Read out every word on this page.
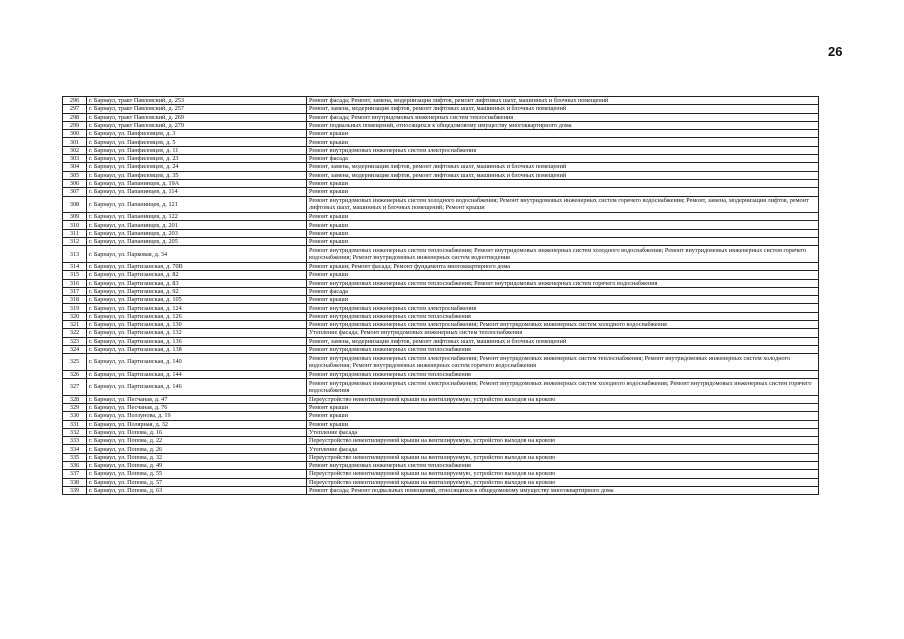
26
296	г. Барнаул, тракт Павловский, д. 253	Ремонт фасада; Ремонт, замена, модернизация лифтов, ремонт лифтовых шахт, машинных и блочных помещений
297	г. Барнаул, тракт Павловский, д. 257	Ремонт, замена, модернизация лифтов, ремонт лифтовых шахт, машинных и блочных помещений
298	г. Барнаул, тракт Павловский, д. 269	Ремонт фасада; Ремонт внутридомовых инженерных систем теплоснабжения
299	г. Барнаул, тракт Павловский, д. 279	Ремонт подвальных помещений, относящихся к общедомовому имуществу многоквартирного дома
300	г. Барнаул, ул. Панфиловцев, д. 3	Ремонт крыши
301	г. Барнаул, ул. Панфиловцев, д. 5	Ремонт крыши
302	г. Барнаул, ул. Панфиловцев, д. 11	Ремонт внутридомовых инженерных систем электроснабжения
303	г. Барнаул, ул. Панфиловцев, д. 23	Ремонт фасада
304	г. Барнаул, ул. Панфиловцев, д. 24	Ремонт, замена, модернизация лифтов, ремонт лифтовых шахт, машинных и блочных помещений
305	г. Барнаул, ул. Панфиловцев, д. 35	Ремонт, замена, модернизация лифтов, ремонт лифтовых шахт, машинных и блочных помещений
306	г. Барнаул, ул. Папанинцев, д. 19А	Ремонт крыши
307	г. Барнаул, ул. Папанинцев, д. 114	Ремонт крыши
308	г. Барнаул, ул. Папанинцев, д. 121	Ремонт внутридомовых инженерных систем холодного водоснабжения; Ремонт внутридомовых инженерных систем горячего водоснабжения; Ремонт, замена, модернизация лифтов, ремонт лифтовых шахт, машинных и блочных помещений; Ремонт крыши
309	г. Барнаул, ул. Папанинцев, д. 122	Ремонт крыши
310	г. Барнаул, ул. Папанинцев, д. 201	Ремонт крыши
311	г. Барнаул, ул. Папанинцев, д. 203	Ремонт крыши
312	г. Барнаул, ул. Папанинцев, д. 205	Ремонт крыши
313	г. Барнаул, ул. Парковая, д. 34	Ремонт внутридомовых инженерных систем теплоснабжения; Ремонт внутридомовых инженерных систем холодного водоснабжения; Ремонт внутридомовых инженерных систем горячего водоснабжения; Ремонт внутридомовых инженерных систем водоотведения
314	г. Барнаул, ул. Партизанская, д. 70В	Ремонт крыши; Ремонт фасада; Ремонт фундамента многоквартирного дома
315	г. Барнаул, ул. Партизанская, д. 82	Ремонт крыши
316	г. Барнаул, ул. Партизанская, д. 83	Ремонт внутридомовых инженерных систем теплоснабжения; Ремонт внутридомовых инженерных систем горячего водоснабжения
317	г. Барнаул, ул. Партизанская, д. 92	Ремонт фасада
318	г. Барнаул, ул. Партизанская, д. 105	Ремонт крыши
319	г. Барнаул, ул. Партизанская, д. 124	Ремонт внутридомовых инженерных систем электроснабжения
320	г. Барнаул, ул. Партизанская, д. 126	Ремонт внутридомовых инженерных систем теплоснабжения
321	г. Барнаул, ул. Партизанская, д. 130	Ремонт внутридомовых инженерных систем электроснабжения; Ремонт внутридомовых инженерных систем холодного водоснабжения
322	г. Барнаул, ул. Партизанская, д. 132	Утепление фасада; Ремонт внутридомовых инженерных систем теплоснабжения
323	г. Барнаул, ул. Партизанская, д. 136	Ремонт, замена, модернизация лифтов, ремонт лифтовых шахт, машинных и блочных помещений
324	г. Барнаул, ул. Партизанская, д. 138	Ремонт внутридомовых инженерных систем теплоснабжения
325	г. Барнаул, ул. Партизанская, д. 140	Ремонт внутридомовых инженерных систем электроснабжения; Ремонт внутридомовых инженерных систем теплоснабжения; Ремонт внутридомовых инженерных систем холодного водоснабжения; Ремонт внутридомовых инженерных систем горячего водоснабжения
326	г. Барнаул, ул. Партизанская, д. 144	Ремонт внутридомовых инженерных систем теплоснабжения
327	г. Барнаул, ул. Партизанская, д. 146	Ремонт внутридомовых инженерных систем электроснабжения; Ремонт внутридомовых инженерных систем холодного водоснабжения; Ремонт внутридомовых инженерных систем горячего водоснабжения
328	г. Барнаул, ул. Песчаная, д. 47	Переустройство невентилируемой крыши на вентилируемую, устройство выходов на кровлю
329	г. Барнаул, ул. Песчаная, д. 76	Ремонт крыши
330	г. Барнаул, ул. Ползунова, д. 19	Ремонт крыши
331	г. Барнаул, ул. Полярная, д. 32	Ремонт крыши
332	г. Барнаул, ул. Попова, д. 16	Утепление фасада
333	г. Барнаул, ул. Попова, д. 22	Переустройство невентилируемой крыши на вентилируемую, устройство выходов на кровлю
334	г. Барнаул, ул. Попова, д. 26	Утепление фасада
335	г. Барнаул, ул. Попова, д. 32	Переустройство невентилируемой крыши на вентилируемую, устройство выходов на кровлю
336	г. Барнаул, ул. Попова, д. 49	Ремонт внутридомовых инженерных систем теплоснабжения
337	г. Барнаул, ул. Попова, д. 55	Переустройство невентилируемой крыши на вентилируемую, устройство выходов на кровлю
338	г. Барнаул, ул. Попова, д. 57	Переустройство невентилируемой крыши на вентилируемую, устройство выходов на кровлю
339	г. Барнаул, ул. Попова, д. 63	Ремонт фасада; Ремонт подвальных помещений, относящихся к общедомовому имуществу многоквартирного дома
